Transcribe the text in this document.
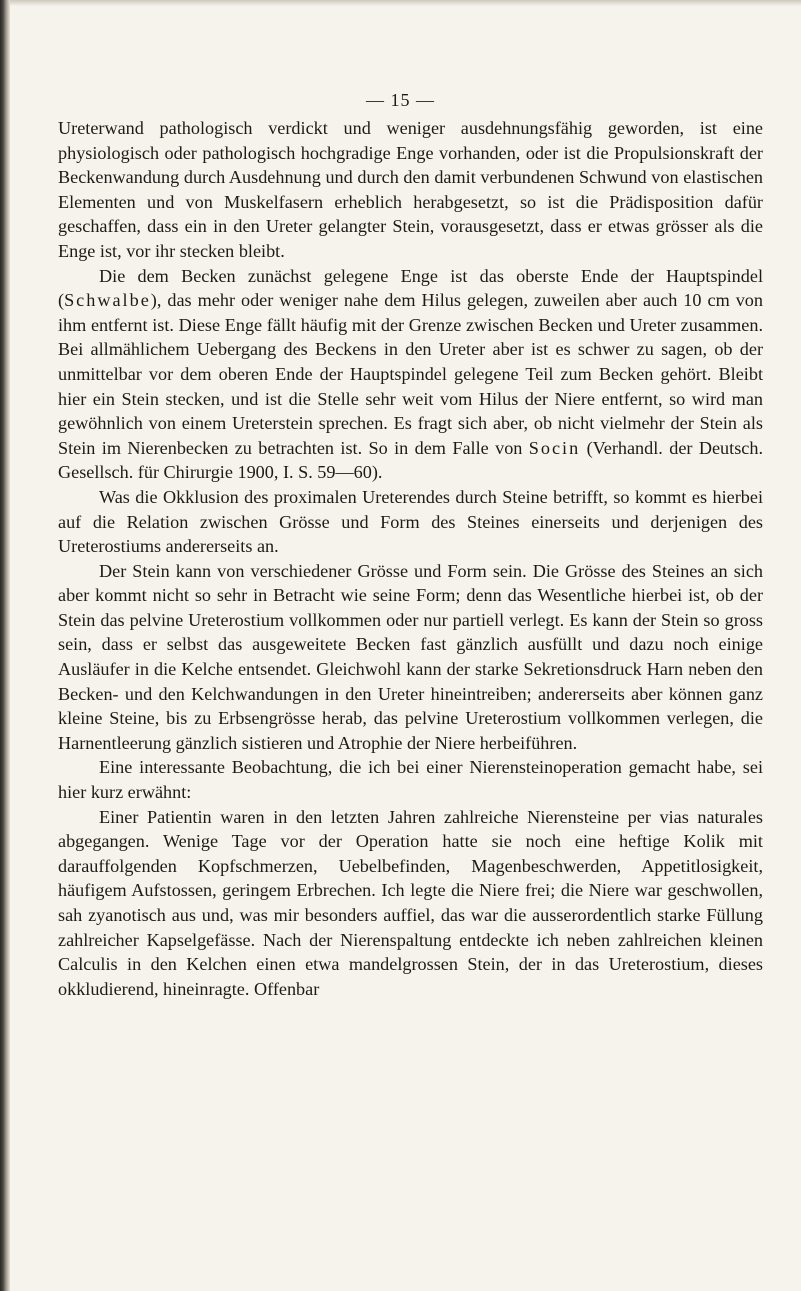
— 15 —

Ureterwand pathologisch verdickt und weniger ausdehnungsfähig geworden, ist eine physiologisch oder pathologisch hochgradige Enge vorhanden, oder ist die Propulsionskraft der Beckenwandung durch Ausdehnung und durch den damit verbundenen Schwund von elastischen Elementen und von Muskelfasern erheblich herabgesetzt, so ist die Prädisposition dafür geschaffen, dass ein in den Ureter gelangter Stein, vorausgesetzt, dass er etwas grösser als die Enge ist, vor ihr stecken bleibt.

Die dem Becken zunächst gelegene Enge ist das oberste Ende der Hauptspindel (Schwalbe), das mehr oder weniger nahe dem Hilus gelegen, zuweilen aber auch 10 cm von ihm entfernt ist. Diese Enge fällt häufig mit der Grenze zwischen Becken und Ureter zusammen. Bei allmählichem Uebergang des Beckens in den Ureter aber ist es schwer zu sagen, ob der unmittelbar vor dem oberen Ende der Hauptspindel gelegene Teil zum Becken gehört. Bleibt hier ein Stein stecken, und ist die Stelle sehr weit vom Hilus der Niere entfernt, so wird man gewöhnlich von einem Ureterstein sprechen. Es fragt sich aber, ob nicht vielmehr der Stein als Stein im Nierenbecken zu betrachten ist. So in dem Falle von Socin (Verhandl. der Deutsch. Gesellsch. für Chirurgie 1900, I. S. 59—60).

Was die Okklusion des proximalen Ureterendes durch Steine betrifft, so kommt es hierbei auf die Relation zwischen Grösse und Form des Steines einerseits und derjenigen des Ureterostiums andererseits an.

Der Stein kann von verschiedener Grösse und Form sein. Die Grösse des Steines an sich aber kommt nicht so sehr in Betracht wie seine Form; denn das Wesentliche hierbei ist, ob der Stein das pelvine Ureterostium vollkommen oder nur partiell verlegt. Es kann der Stein so gross sein, dass er selbst das ausgeweitete Becken fast gänzlich ausfüllt und dazu noch einige Ausläufer in die Kelche entsendet. Gleichwohl kann der starke Sekretionsdruck Harn neben den Becken- und den Kelchwandungen in den Ureter hineintreiben; andererseits aber können ganz kleine Steine, bis zu Erbsengrösse herab, das pelvine Ureterostium vollkommen verlegen, die Harnentleerung gänzlich sistieren und Atrophie der Niere herbeiführen.

Eine interessante Beobachtung, die ich bei einer Nierensteinoperation gemacht habe, sei hier kurz erwähnt:

Einer Patientin waren in den letzten Jahren zahlreiche Nierensteine per vias naturales abgegangen. Wenige Tage vor der Operation hatte sie noch eine heftige Kolik mit darauffolgenden Kopfschmerzen, Uebelbefinden, Magenbeschwerden, Appetitlosigkeit, häufigem Aufstossen, geringem Erbrechen. Ich legte die Niere frei; die Niere war geschwollen, sah zyanotisch aus und, was mir besonders auffiel, das war die ausserordentlich starke Füllung zahlreicher Kapselgefässe. Nach der Nierenspaltung entdeckte ich neben zahlreichen kleinen Calculis in den Kelchen einen etwa mandelgrossen Stein, der in das Ureterostium, dieses okkludierend, hineinragte. Offenbar
